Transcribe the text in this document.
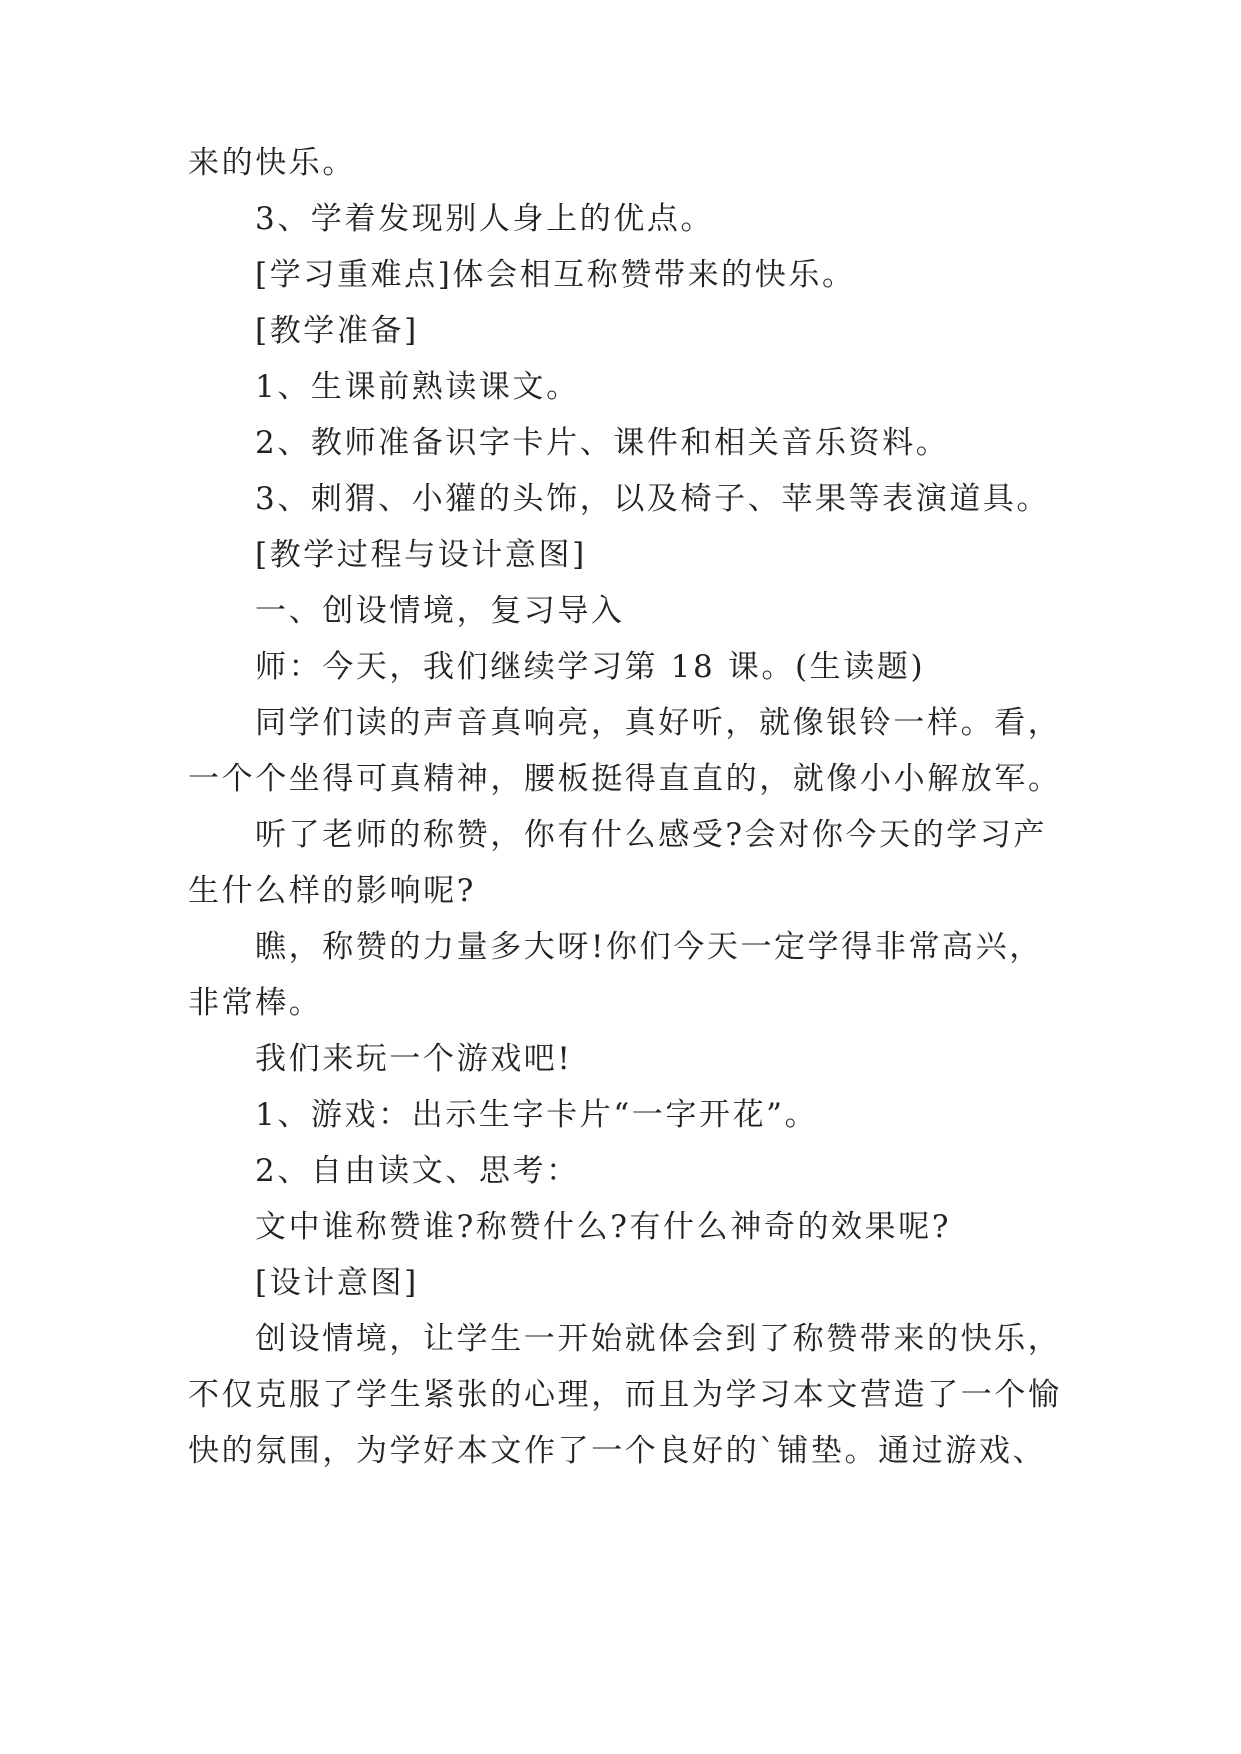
来的快乐。
3、学着发现别人身上的优点。
[学习重难点]体会相互称赞带来的快乐。
[教学准备]
1、生课前熟读课文。
2、教师准备识字卡片、课件和相关音乐资料。
3、刺猬、小獾的头饰，以及椅子、苹果等表演道具。
[教学过程与设计意图]
一、创设情境，复习导入
师：今天，我们继续学习第 18 课。(生读题)
同学们读的声音真响亮，真好听，就像银铃一样。看，
一个个坐得可真精神，腰板挺得直直的，就像小小解放军。
听了老师的称赞，你有什么感受?会对你今天的学习产
生什么样的影响呢?
瞧，称赞的力量多大呀!你们今天一定学得非常高兴，
非常棒。
我们来玩一个游戏吧!
1、游戏：出示生字卡片“一字开花”。
2、自由读文、思考：
文中谁称赞谁?称赞什么?有什么神奇的效果呢?
[设计意图]
创设情境，让学生一开始就体会到了称赞带来的快乐，
不仅克服了学生紧张的心理，而且为学习本文营造了一个愉
快的氛围，为学好本文作了一个良好的`铺垫。通过游戏、
